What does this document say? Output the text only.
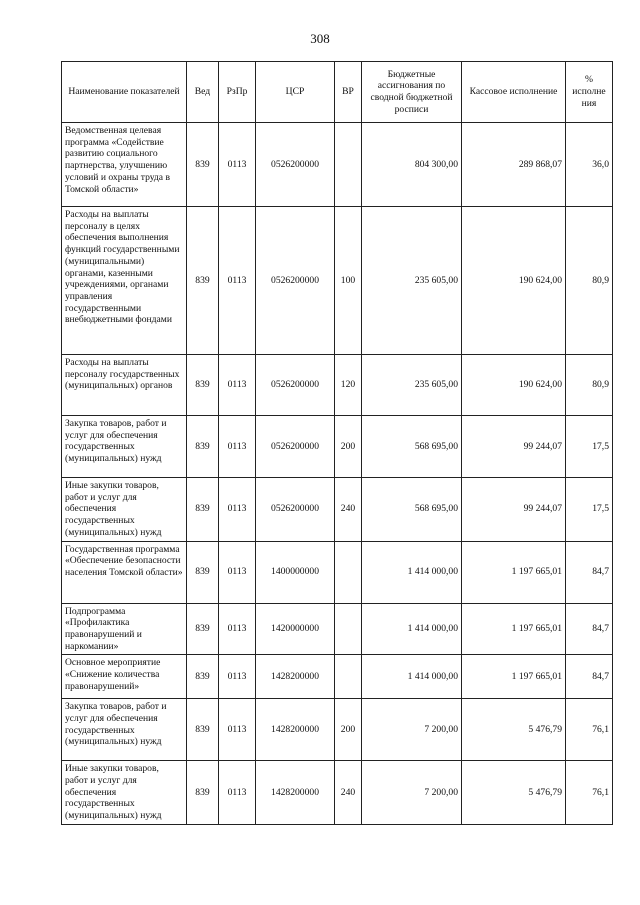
308
Наименование показателей	Вед	РзПр	ЦСР	ВР	Бюджетные ассигнования по сводной бюджетной росписи	Кассовое исполнение	% исполне ния
Ведомственная целевая программа «Содействие развитию социального партнерства, улучшению условий и охраны труда в Томской области»	839	0113	0526200000		804 300,00	289 868,07	36,0
Расходы на выплаты персоналу в целях обеспечения выполнения функций государственными (муниципальными) органами, казенными учреждениями, органами управления государственными внебюджетными фондами	839	0113	0526200000	100	235 605,00	190 624,00	80,9
Расходы на выплаты персоналу государственных (муниципальных) органов	839	0113	0526200000	120	235 605,00	190 624,00	80,9
Закупка товаров, работ и услуг для обеспечения государственных (муниципальных) нужд	839	0113	0526200000	200	568 695,00	99 244,07	17,5
Иные закупки товаров, работ и услуг для обеспечения государственных (муниципальных) нужд	839	0113	0526200000	240	568 695,00	99 244,07	17,5
Государственная программа «Обеспечение безопасности населения Томской области»	839	0113	1400000000		1 414 000,00	1 197 665,01	84,7
Подпрограмма «Профилактика правонарушений и наркомании»	839	0113	1420000000		1 414 000,00	1 197 665,01	84,7
Основное мероприятие «Снижение количества правонарушений»	839	0113	1428200000		1 414 000,00	1 197 665,01	84,7
Закупка товаров, работ и услуг для обеспечения государственных (муниципальных) нужд	839	0113	1428200000	200	7 200,00	5 476,79	76,1
Иные закупки товаров, работ и услуг для обеспечения государственных (муниципальных) нужд	839	0113	1428200000	240	7 200,00	5 476,79	76,1
